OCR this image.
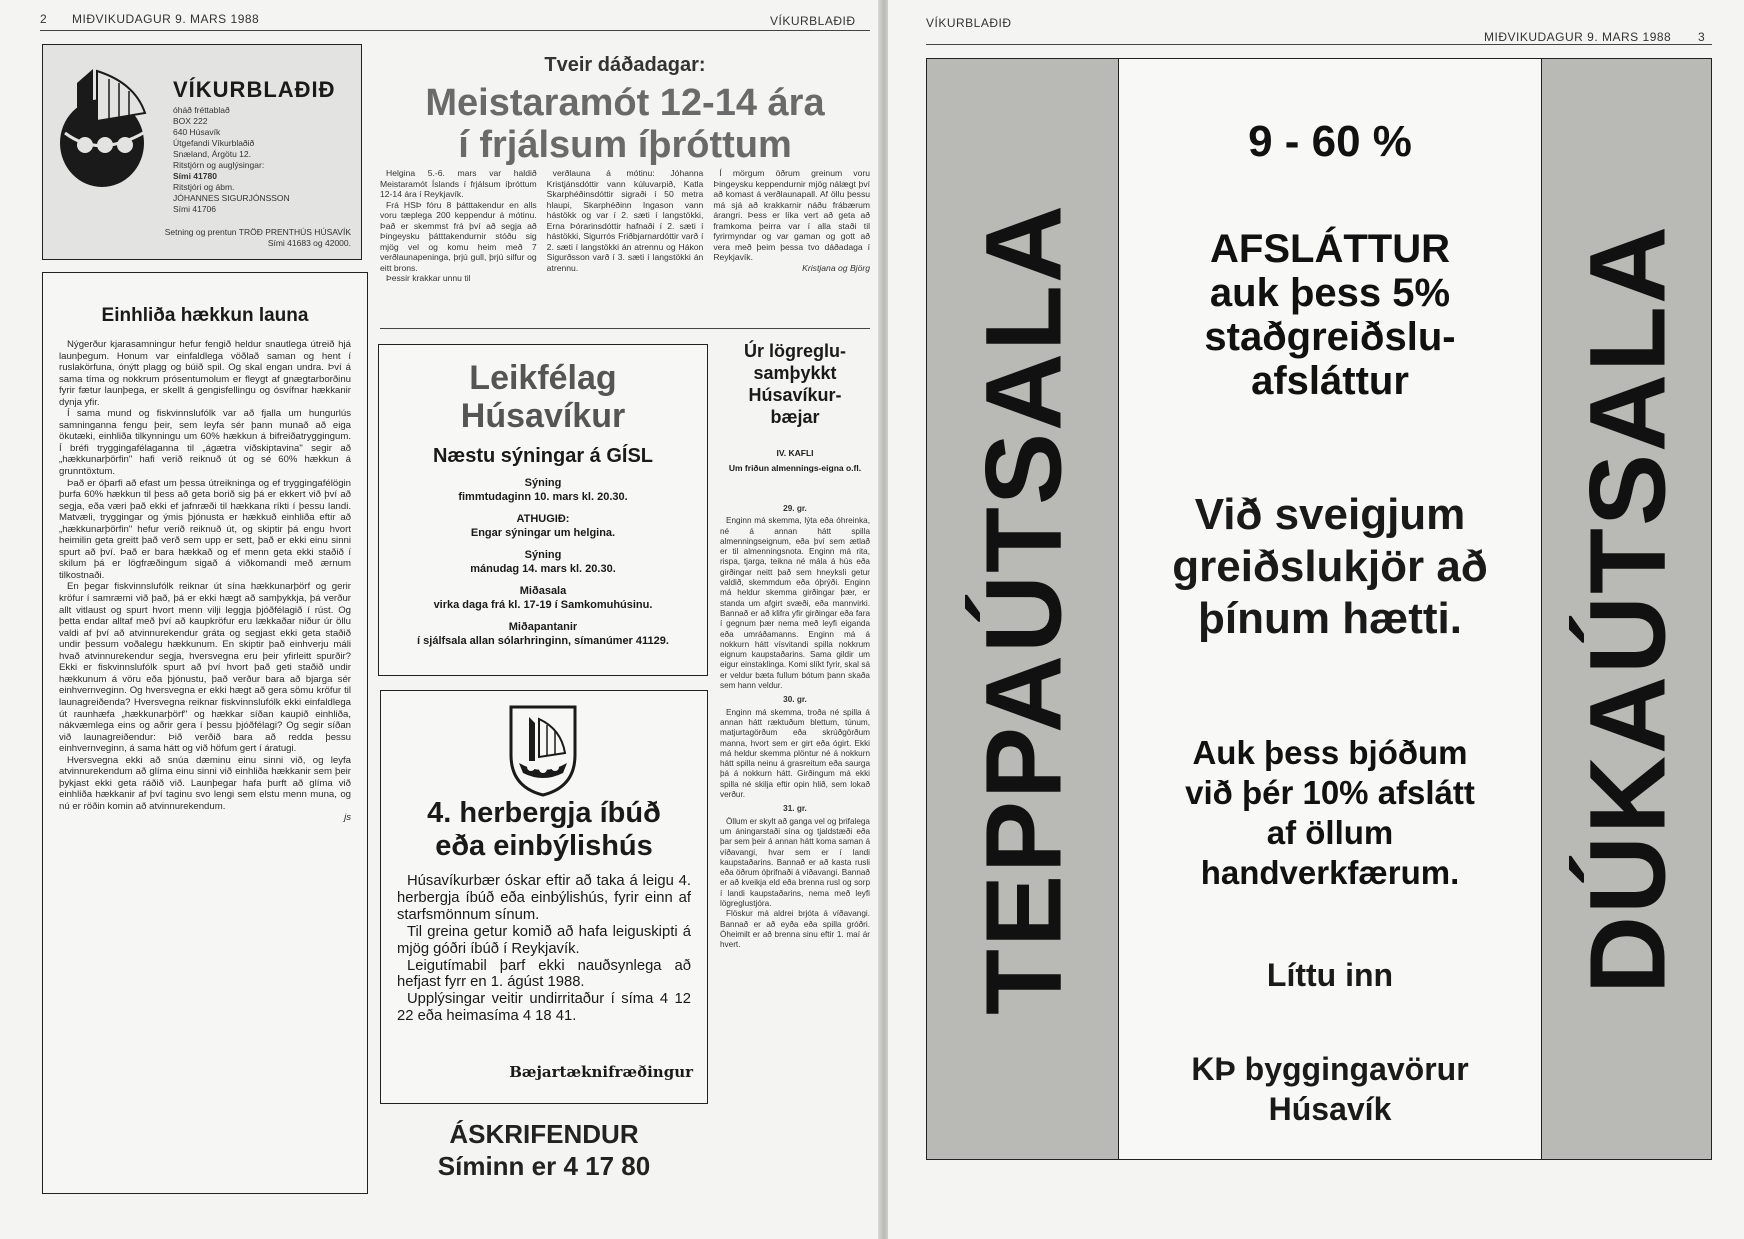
2 MIÐVIKUDAGUR 9. MARS 1988	VÍKURBLAÐIÐ
VÍKURBLAÐIÐ
óháð fréttablað
BOX 222
640 Húsavík
Útgefandi Víkurblaðið
Snæland, Árgötu 12.
Ritstjórn og auglýsingar:
Sími 41780
Ritstjóri og ábm.
JÓHANNES SIGURJÓNSSON
Sími 41706
Setning og prentun TRÖÐ PRENTHÚS HÚSAVÍK
Sími 41683 og 42000.
Einhliða hækkun launa

Nýgerður kjarasamningur hefur fengið heldur snautlega útreið hjá launþegum. Honum var einfaldlega vöðlað saman og hent í ruslakörfuna, ónýtt plagg og búið spil. Og skal engan undra. Því á sama tíma og nokkrum prósentumolum er fleygt af gnægtarborðinu fyrir fætur launþega, er skellt á gengisfellingu og ósvífnar hækkanir dynja yfir.

Í sama mund og fiskvinnslufólk var að fjalla um hungurlús samninganna fengu þeir, sem leyfa sér þann munað að eiga ökutæki, einhliða tilkynningu um 60% hækkun á bifreiðatryggingum. Í bréfi tryggingafélaganna til „ágætra viðskiptavina" segir að „hækkunarþörfin" hafi verið reiknuð út og sé 60% hækkun á grunntöxtum.

Það er óþarfi að efast um þessa útreikninga og ef tryggingafélögin þurfa 60% hækkun til þess að geta borið sig þá er ekkert við því að segja, eða væri það ekki ef jafnræði til hækkana ríkti í þessu landi. Matvæli, tryggingar og ýmis þjónusta er hækkuð einhliða eftir að „hækkunarþörfin" hefur verið reiknuð út, og skiptir þá engu hvort heimilin geta greitt það verð sem upp er sett, það er ekki einu sinni spurt að því. Það er bara hækkað og ef menn geta ekki staðið í skilum þá er lögfræðingum sigað á viðkomandi með ærnum tilkostnaði.

En þegar fiskvinnslufólk reiknar út sína hækkunarþörf og gerir kröfur í samræmi við það, þá er ekki hægt að samþykkja, þá verður allt vitlaust og spurt hvort menn vilji leggja þjóðfélagið í rúst. Og þetta endar alltaf með því að kaupkröfur eru lækkaðar niður úr öllu valdi af því að atvinnurekendur gráta og segjast ekki geta staðið undir þessum voðalegu hækkunum. En skiptir það einhverju máli hvað atvinnurekendur segja, hversvegna eru þeir yfirleitt spurðir? Ekki er fiskvinnslufólk spurt að því hvort það geti staðið undir hækkunum á vöru eða þjónustu, það verður bara að bjarga sér einhvernveginn. Og hversvegna er ekki hægt að gera sömu kröfur til launagreiðenda? Hversvegna reiknar fiskvinnslufólk ekki einfaldlega út raunhæfa „hækkunarþörf" og hækkar síðan kaupið einhliða, nákvæmlega eins og aðrir gera í þessu þjóðfélagi? Og segir síðan við launagreiðendur: Þið verðið bara að redda þessu einhvernveginn, á sama hátt og við höfum gert í áratugi.

Hversvegna ekki að snúa dæminu einu sinni við, og leyfa atvinnurekendum að glíma einu sinni við einhliða hækkanir sem þeir þykjast ekki geta ráðið við. Launþegar hafa þurft að glíma við einhliða hækkanir af því taginu svo lengi sem elstu menn muna, og nú er röðin komin að atvinnurekendum.

js
Tveir dáðadagar:
Meistaramót 12-14 ára
í frjálsum íþróttum

Helgina 5.-6. mars var haldið Meistaramót Íslands í frjálsum íþróttum 12-14 ára í Reykjavík.

Frá HSÞ fóru 8 þátttakendur en alls voru tæplega 200 keppendur á mótinu. Það er skemmst frá því að segja að Þingeysku þátttakendurnir stóðu sig mjög vel og komu heim með 7 verðlaunapeninga, þrjú gull, þrjú silfur og eitt brons.

Þessir krakkar unnu til

verðlauna á mótinu: Jóhanna Kristjánsdóttir vann kúluvarpið, Katla Skarphéðinsdóttir sigraði í 50 metra hlaupi, Skarphéðinn Ingason vann hástökk og var í 2. sæti í langstökki, Erna Þórarinsdóttir hafnaði í 2. sæti í hástökki, Sigurrós Friðbjarnardóttir varð í 2. sæti í langstökki án atrennu og Hákon Sigurðsson varð í 3. sæti í langstökki án atrennu.

Í mörgum öðrum greinum voru Þingeysku keppendurnir mjög nálægt því að komast á verðlaunapall. Af öllu þessu má sjá að krakkarnir náðu frábærum árangri. Þess er líka vert að geta að framkoma þeirra var í alla staði til fyrirmyndar og var gaman og gott að vera með þeim þessa tvo dáðadaga í Reykjavík.

Kristjana og Björg
Leikfélag
Húsavíkur
Næstu sýningar á GÍSL
Sýning
fimmtudaginn 10. mars kl. 20.30.
ATHUGIÐ:
Engar sýningar um helgina.
Sýning
mánudag 14. mars kl. 20.30.
Miðasala
virka daga frá kl. 17-19 í Samkomuhúsinu.
Miðapantanir
í sjálfsala allan sólarhringinn, símanúmer 41129.
4. herbergja íbúð
eða einbýlishús

Húsavíkurbær óskar eftir að taka á leigu 4. herbergja íbúð eða einbýlishús, fyrir einn af starfsmönnum sínum.

Til greina getur komið að hafa leiguskipti á mjög góðri íbúð í Reykjavík.

Leigutímabil þarf ekki nauðsynlega að hefjast fyrr en 1. ágúst 1988.

Upplýsingar veitir undirritaður í síma 4 12 22 eða heimasíma 4 18 41.

Bæjartæknifræðingur
ÁSKRIFENDUR
Síminn er 4 17 80
Úr lögreglu-
samþykkt
Húsavíkur-
bæjar
IV. KAFLI
Um friðun almennings-eigna o.fl.
29. gr.

Enginn má skemma, lýta eða óhreinka, né á annan hátt spilla almenningseignum, eða því sem ætlað er til almenningsnota. Enginn má rita, rispa, tjarga, teikna né mála á hús eða girðingar neitt það sem hneyksli getur valdið, skemmdum eða óþrýði. Enginn má heldur skemma girðingar þær, er standa um afgirt svæði, eða mannvirki. Bannað er að klifra yfir girðingar eða fara í gegnum þær nema með leyfi eiganda eða umráðamanns. Enginn má á nokkurn hátt vísvitandi spilla nokkrum eignum kaupstaðarins. Sama gildir um eigur einstaklinga. Komi slíkt fyrir, skal sá er veldur bæta fullum bótum þann skaða sem hann veldur.

30. gr.

Enginn má skemma, troða né spilla á annan hátt ræktuðum blettum, túnum, matjurtagörðum eða skrúðgörðum manna, hvort sem er girt eða ógirt. Ekki má heldur skemma plöntur né á nokkurn hátt spilla neinu á grasreitum eða saurga þá á nokkurn hátt. Girðingum má ekki spilla né skilja eftir opin hlið, sem lokað verður.

31. gr.

Öllum er skylt að ganga vel og þrifalega um áningarstaði sína og tjaldstæði eða þar sem þeir á annan hátt koma saman á víðavangi, hvar sem er í landi kaupstaðarins. Bannað er að kasta rusli eða öðrum óþrifnaði á víðavangi. Bannað er að kveikja eld eða brenna rusl og sorp í landi kaupstaðarins, nema með leyfi lögreglustjóra.

Flöskur má aldrei brjóta á víðavangi. Bannað er að eyða eða spilla gróðri. Óheimilt er að brenna sinu eftir 1. maí ár hvert.

VÍKURBLAÐIÐ
MIÐVIKUDAGUR 9. MARS 1988 3
TEPPAÚTSALA
9 - 60 %
AFSLÁTTUR
auk þess 5%
staðgreiðslu-
afsláttur
Við sveigjum
greiðslukjör að
þínum hætti.
Auk þess bjóðum
við þér 10% afslátt
af öllum
handverkfærum.
Líttu inn
KÞ byggingavörur
Húsavík
DÚKAÚTSALA
